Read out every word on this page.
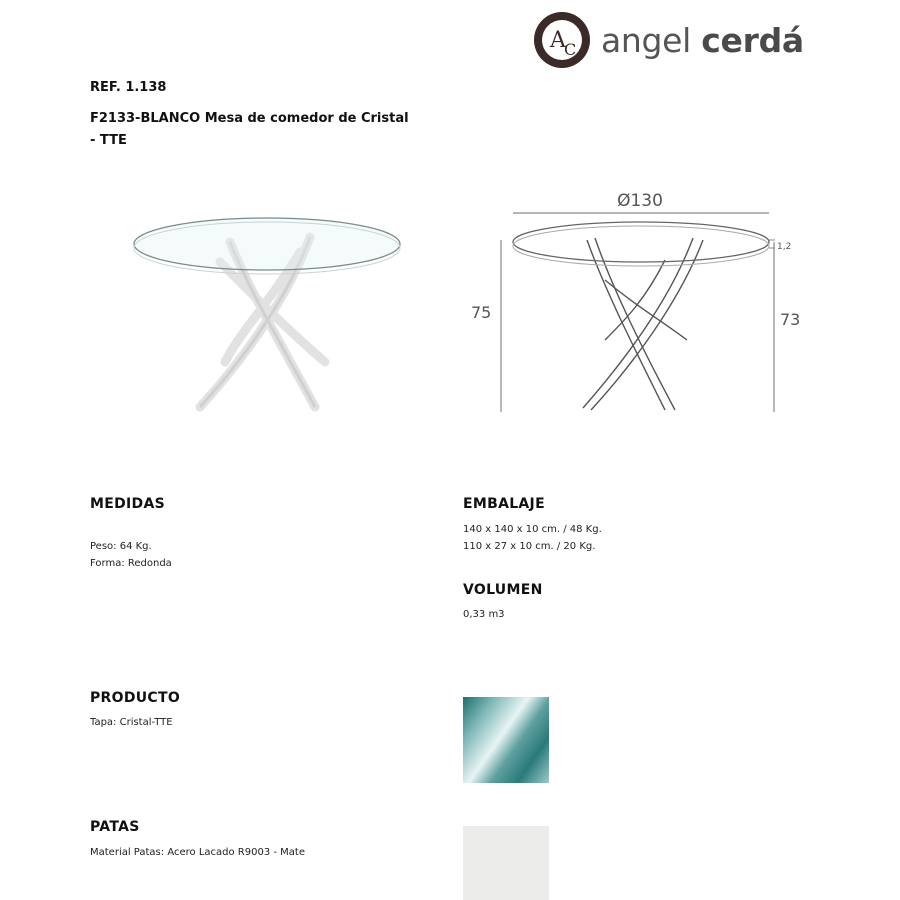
A
C angel cerdá
REF. 1.138
F2133-BLANCO Mesa de comedor de Cristal - TTE
Ø130
75	73
1,2
MEDIDAS
Peso: 64 Kg.
Forma: Redonda
EMBALAJE
140 x 140 x 10 cm. / 48 Kg.
110 x 27 x 10 cm. / 20 Kg.
VOLUMEN
0,33 m3
PRODUCTO
Tapa: Cristal-TTE
PATAS
Material Patas: Acero Lacado R9003 - Mate
